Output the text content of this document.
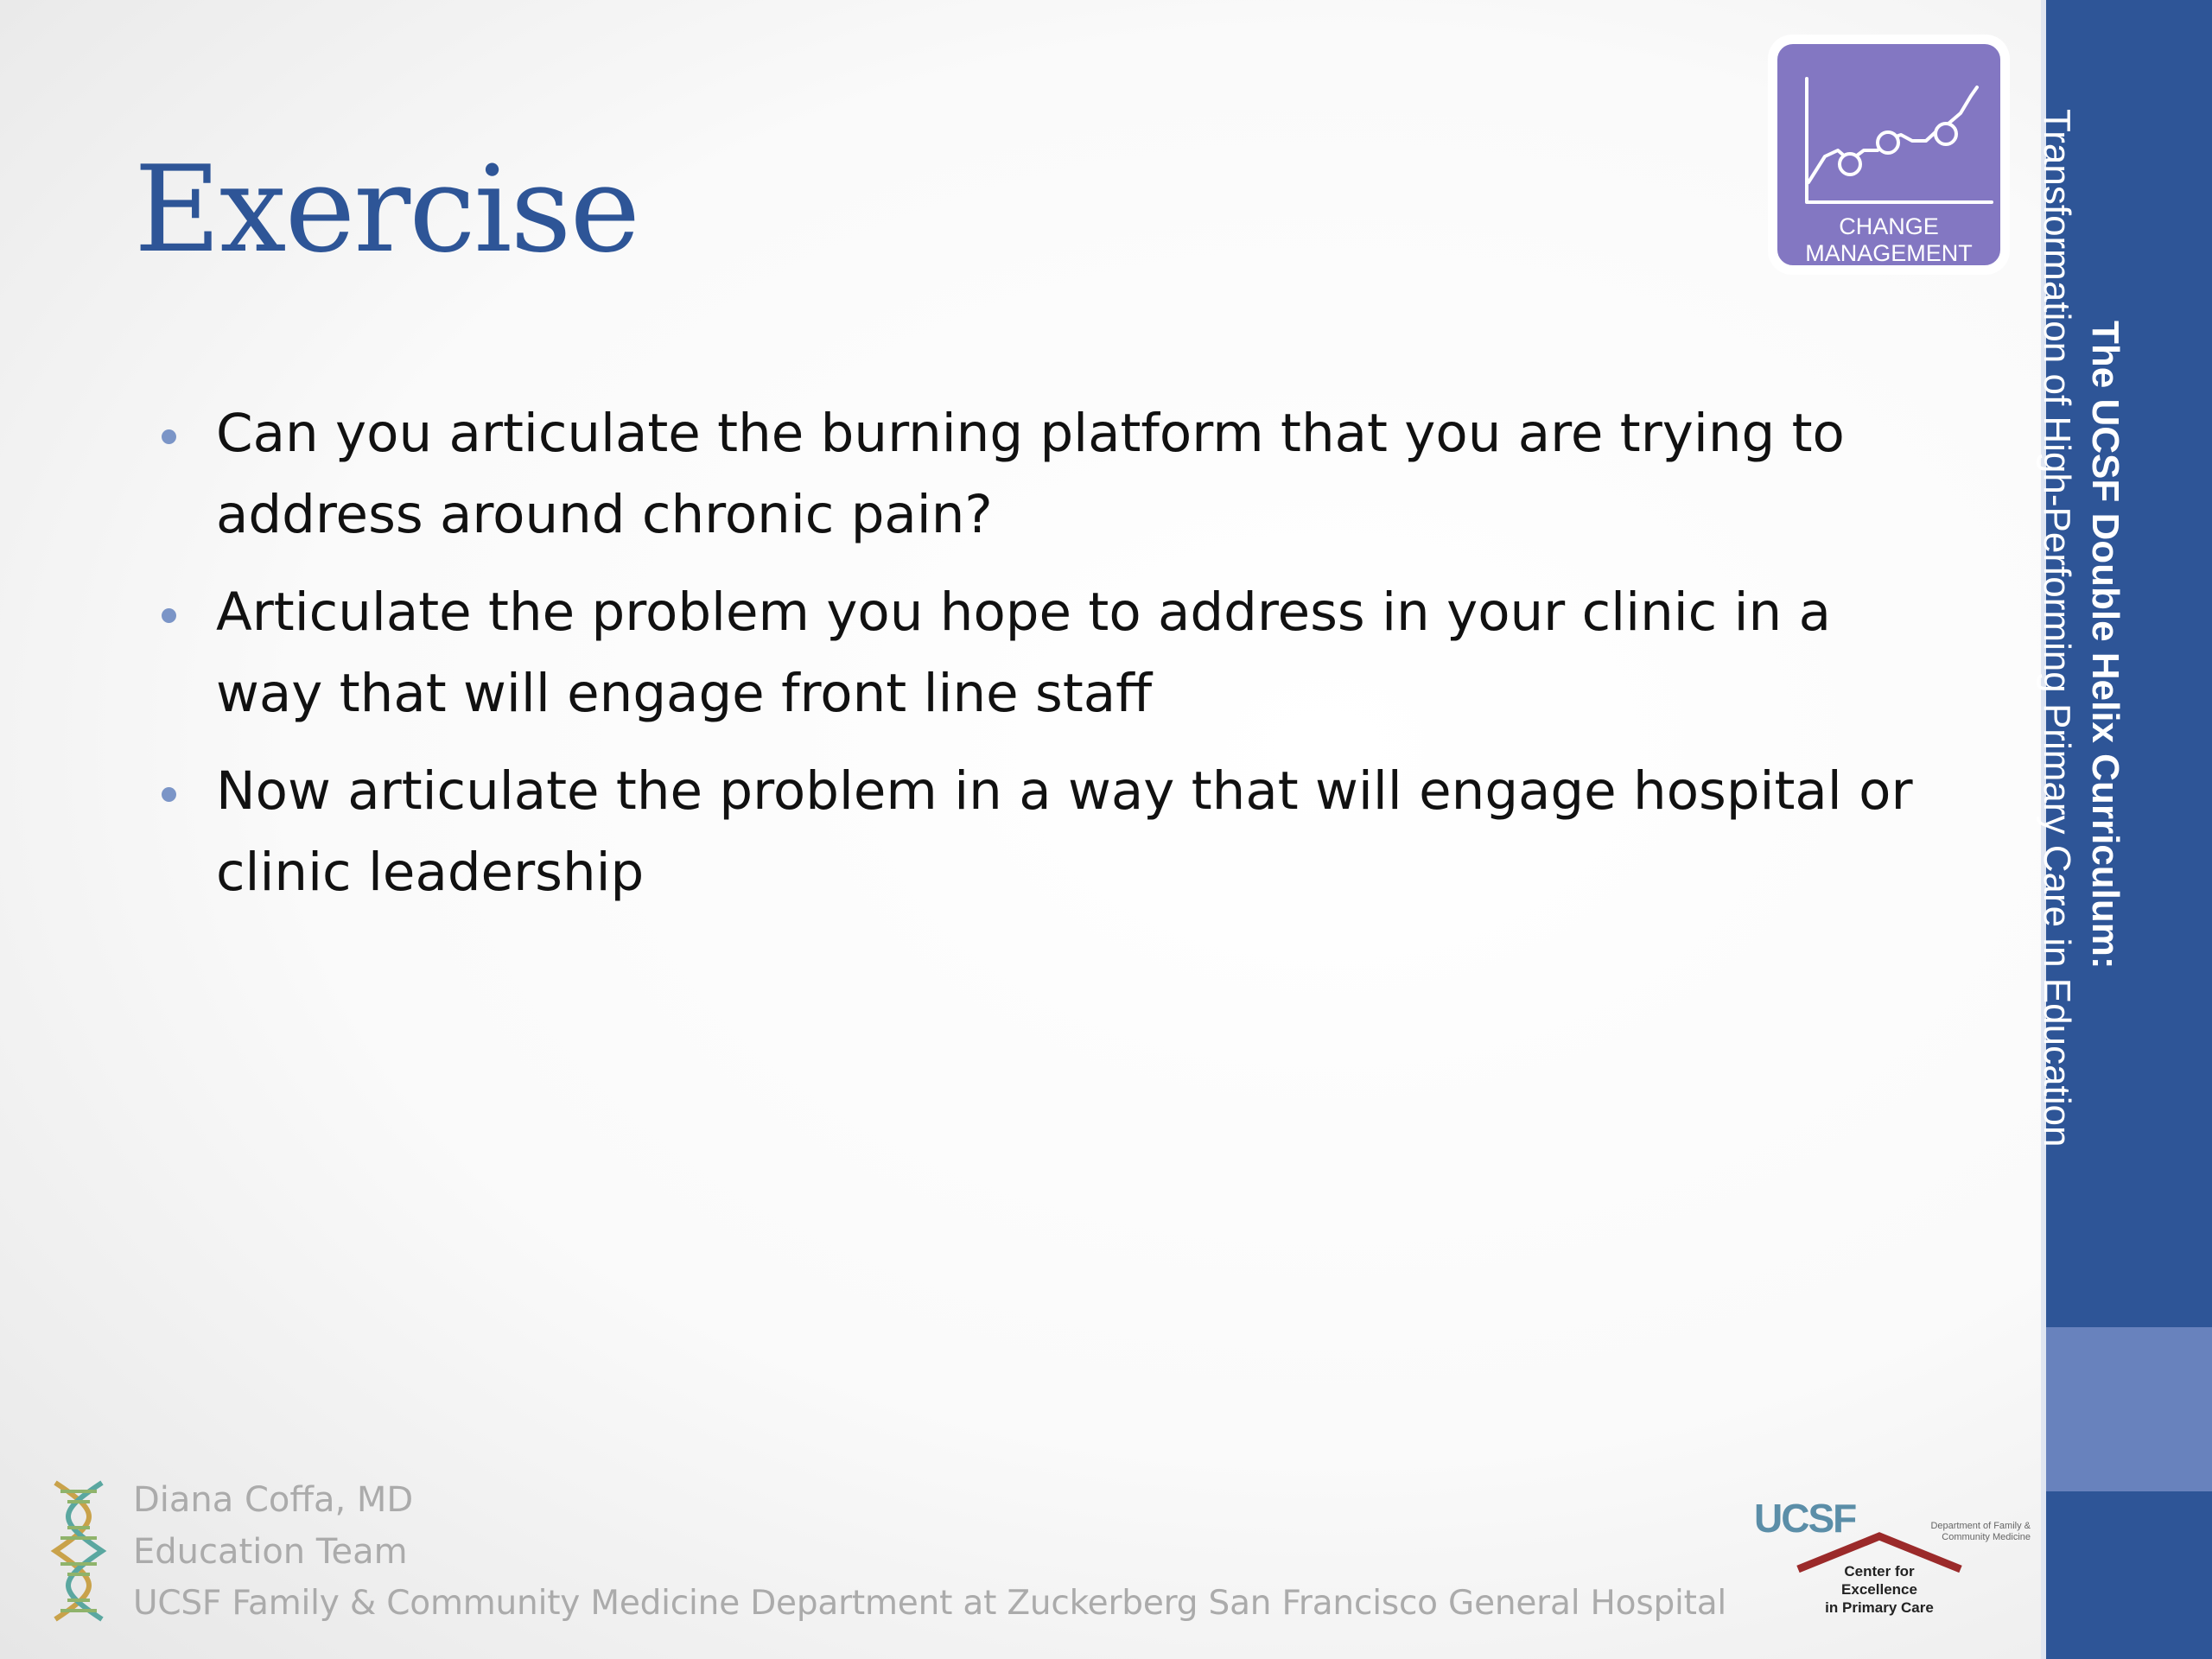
Exercise
Can you articulate the burning platform that you are trying to address around chronic pain?
Articulate the problem you hope to address in your clinic in a way that will engage front line staff
Now articulate the problem in a way that will engage hospital or clinic leadership
CHANGE
MANAGEMENT
The UCSF Double Helix Curriculum:
Transformation of High-Performing Primary Care in Education
Diana Coffa, MD
Education Team
UCSF Family & Community Medicine Department at Zuckerberg San Francisco General Hospital
UCSF	Department of Family & Community Medicine
Center for
Excellence
in Primary Care
